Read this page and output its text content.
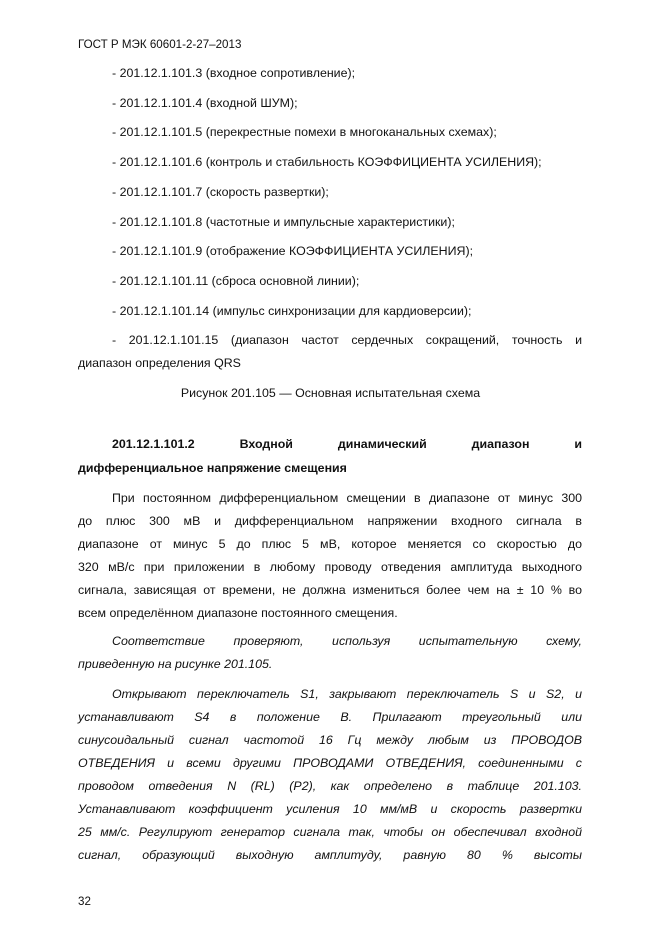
ГОСТ Р МЭК 60601-2-27–2013
- 201.12.1.101.3 (входное сопротивление);
- 201.12.1.101.4 (входной ШУМ);
- 201.12.1.101.5 (перекрестные помехи в многоканальных схемах);
- 201.12.1.101.6 (контроль и стабильность КОЭФФИЦИЕНТА УСИЛЕНИЯ);
- 201.12.1.101.7 (скорость развертки);
- 201.12.1.101.8 (частотные и импульсные характеристики);
- 201.12.1.101.9 (отображение КОЭФФИЦИЕНТА УСИЛЕНИЯ);
- 201.12.1.101.11 (сброса основной линии);
- 201.12.1.101.14 (импульс синхронизации для кардиоверсии);
- 201.12.1.101.15 (диапазон частот сердечных сокращений, точность и
диапазон определения QRS
Рисунок 201.105 — Основная испытательная схема
201.12.1.101.2	Входной динамический диапазон и
дифференциальное напряжение смещения
При постоянном дифференциальном смещении в диапазоне от минус 300
до плюс 300 мВ и дифференциальном напряжении входного сигнала в
диапазоне от минус 5 до плюс 5 мВ, которое меняется со скоростью до
320 мВ/с при приложении в любому проводу отведения амплитуда выходного
сигнала, зависящая от времени, не должна измениться более чем на ± 10 % во
всем определённом диапазоне постоянного смещения.
Соответствие проверяют, используя испытательную схему,
приведенную на рисунке 201.105.
Открывают переключатель S1, закрывают переключатель S и S2, и
устанавливают S4 в положение B. Прилагают треугольный или
синусоидальный сигнал частотой 16 Гц между любым из ПРОВОДОВ
ОТВЕДЕНИЯ и всеми другими ПРОВОДАМИ ОТВЕДЕНИЯ, соединенными с
проводом отведения N (RL) (P2), как определено в таблице 201.103.
Устанавливают коэффициент усиления 10 мм/мВ и скорость развертки
25 мм/с. Регулируют генератор сигнала так, чтобы он обеспечивал входной
сигнал, образующий выходную амплитуду, равную 80 % высоты
32
